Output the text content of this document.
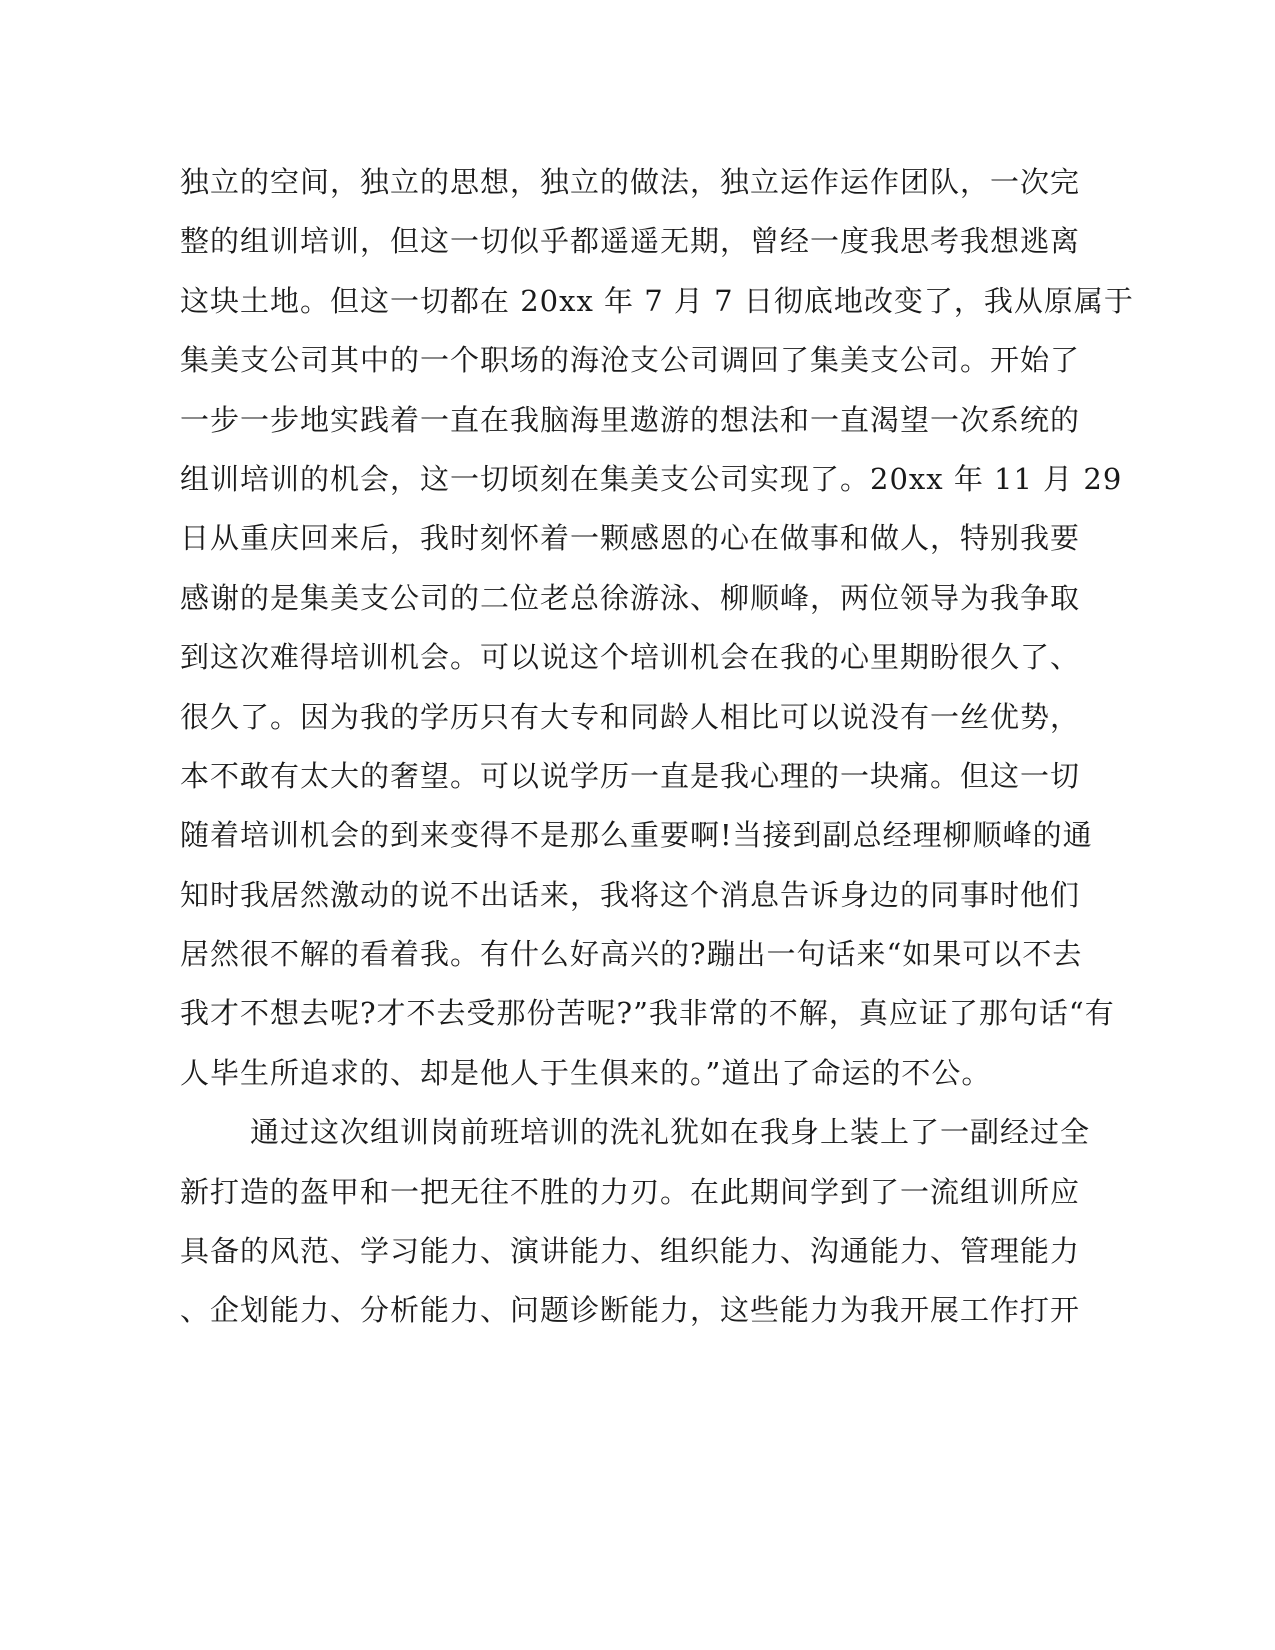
独立的空间，独立的思想，独立的做法，独立运作运作团队，一次完
整的组训培训，但这一切似乎都遥遥无期，曾经一度我思考我想逃离
这块土地。但这一切都在 20xx 年 7 月 7 日彻底地改变了，我从原属于
集美支公司其中的一个职场的海沧支公司调回了集美支公司。开始了
一步一步地实践着一直在我脑海里遨游的想法和一直渴望一次系统的
组训培训的机会，这一切顷刻在集美支公司实现了。20xx 年 11 月 29
日从重庆回来后，我时刻怀着一颗感恩的心在做事和做人，特别我要
感谢的是集美支公司的二位老总徐游泳、柳顺峰，两位领导为我争取
到这次难得培训机会。可以说这个培训机会在我的心里期盼很久了、
很久了。因为我的学历只有大专和同龄人相比可以说没有一丝优势，
本不敢有太大的奢望。可以说学历一直是我心理的一块痛。但这一切
随着培训机会的到来变得不是那么重要啊!当接到副总经理柳顺峰的通
知时我居然激动的说不出话来，我将这个消息告诉身边的同事时他们
居然很不解的看着我。有什么好高兴的?蹦出一句话来“如果可以不去
我才不想去呢?才不去受那份苦呢?”我非常的不解，真应证了那句话“有
人毕生所追求的、却是他人于生俱来的。”道出了命运的不公。
通过这次组训岗前班培训的洗礼犹如在我身上装上了一副经过全
新打造的盔甲和一把无往不胜的力刃。在此期间学到了一流组训所应
具备的风范、学习能力、演讲能力、组织能力、沟通能力、管理能力
、企划能力、分析能力、问题诊断能力，这些能力为我开展工作打开
